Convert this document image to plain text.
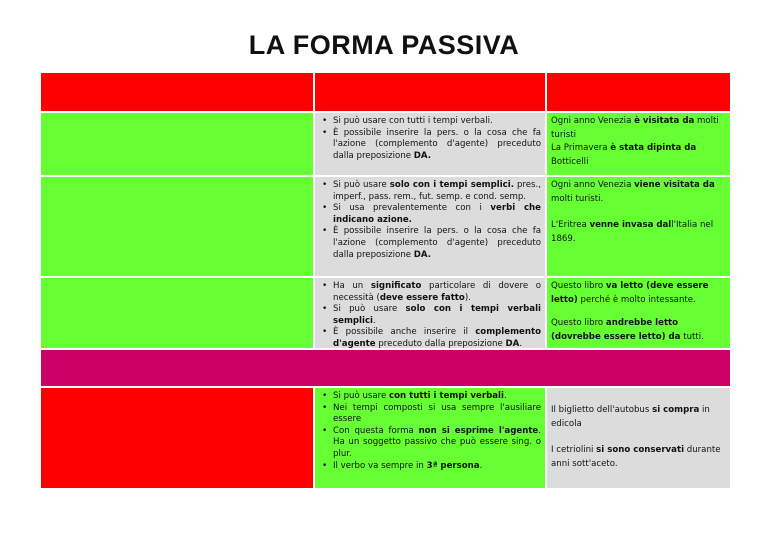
LA FORMA PASSIVA
• Si può usare con tutti i tempi verbali.
• È possibile inserire la pers. o la cosa che fa l'azione (complemento d'agente) preceduto dalla preposizione DA.

Ogni anno Venezia è visitata da molti turisti

La Primavera è stata dipinta da Botticelli

• Si può usare solo con i tempi semplici. pres., imperf., pass. rem., fut. semp. e cond. semp.
• Si usa prevalentemente con i verbi che indicano azione.
• È possibile inserire la pers. o la cosa che fa l'azione (complemento d'agente) preceduto dalla preposizione DA.

Ogni anno Venezia viene visitata da molti turisti.

L'Eritrea venne invasa dall'Italia nel 1869.

• Ha un significato particolare di dovere o necessità (deve essere fatto).
• Si può usare solo con i tempi verbali semplici.
• È possibile anche inserire il complemento d'agente preceduto dalla preposizione DA.

Questo libro va letto (deve essere letto) perché è molto intessante.

Questo libro andrebbe letto (dovrebbe essere letto) da tutti.

• Si può usare con tutti i tempi verbali.
• Nei tempi composti si usa sempre l'ausiliare essere
• Con questa forma non si esprime l'agente. Ha un soggetto passivo che può essere sing. o plur.
• Il verbo va sempre in 3ª persona.

Il biglietto dell'autobus si compra in edicola

I cetriolini si sono conservati durante anni sott'aceto.
